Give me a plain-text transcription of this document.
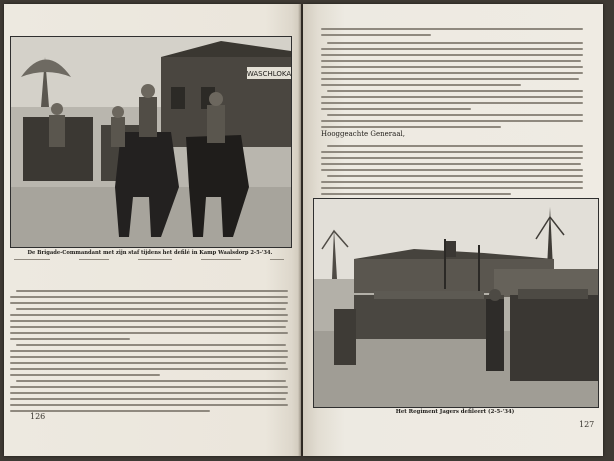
WASCHLOKA
De Brigade-Commandant met zijn staf tijdens het defilé in Kamp Waalsdorp 2-5-'34.
126
Hooggeachte Generaal,
Het Regiment Jagers defileert (2-5-'34)
127
